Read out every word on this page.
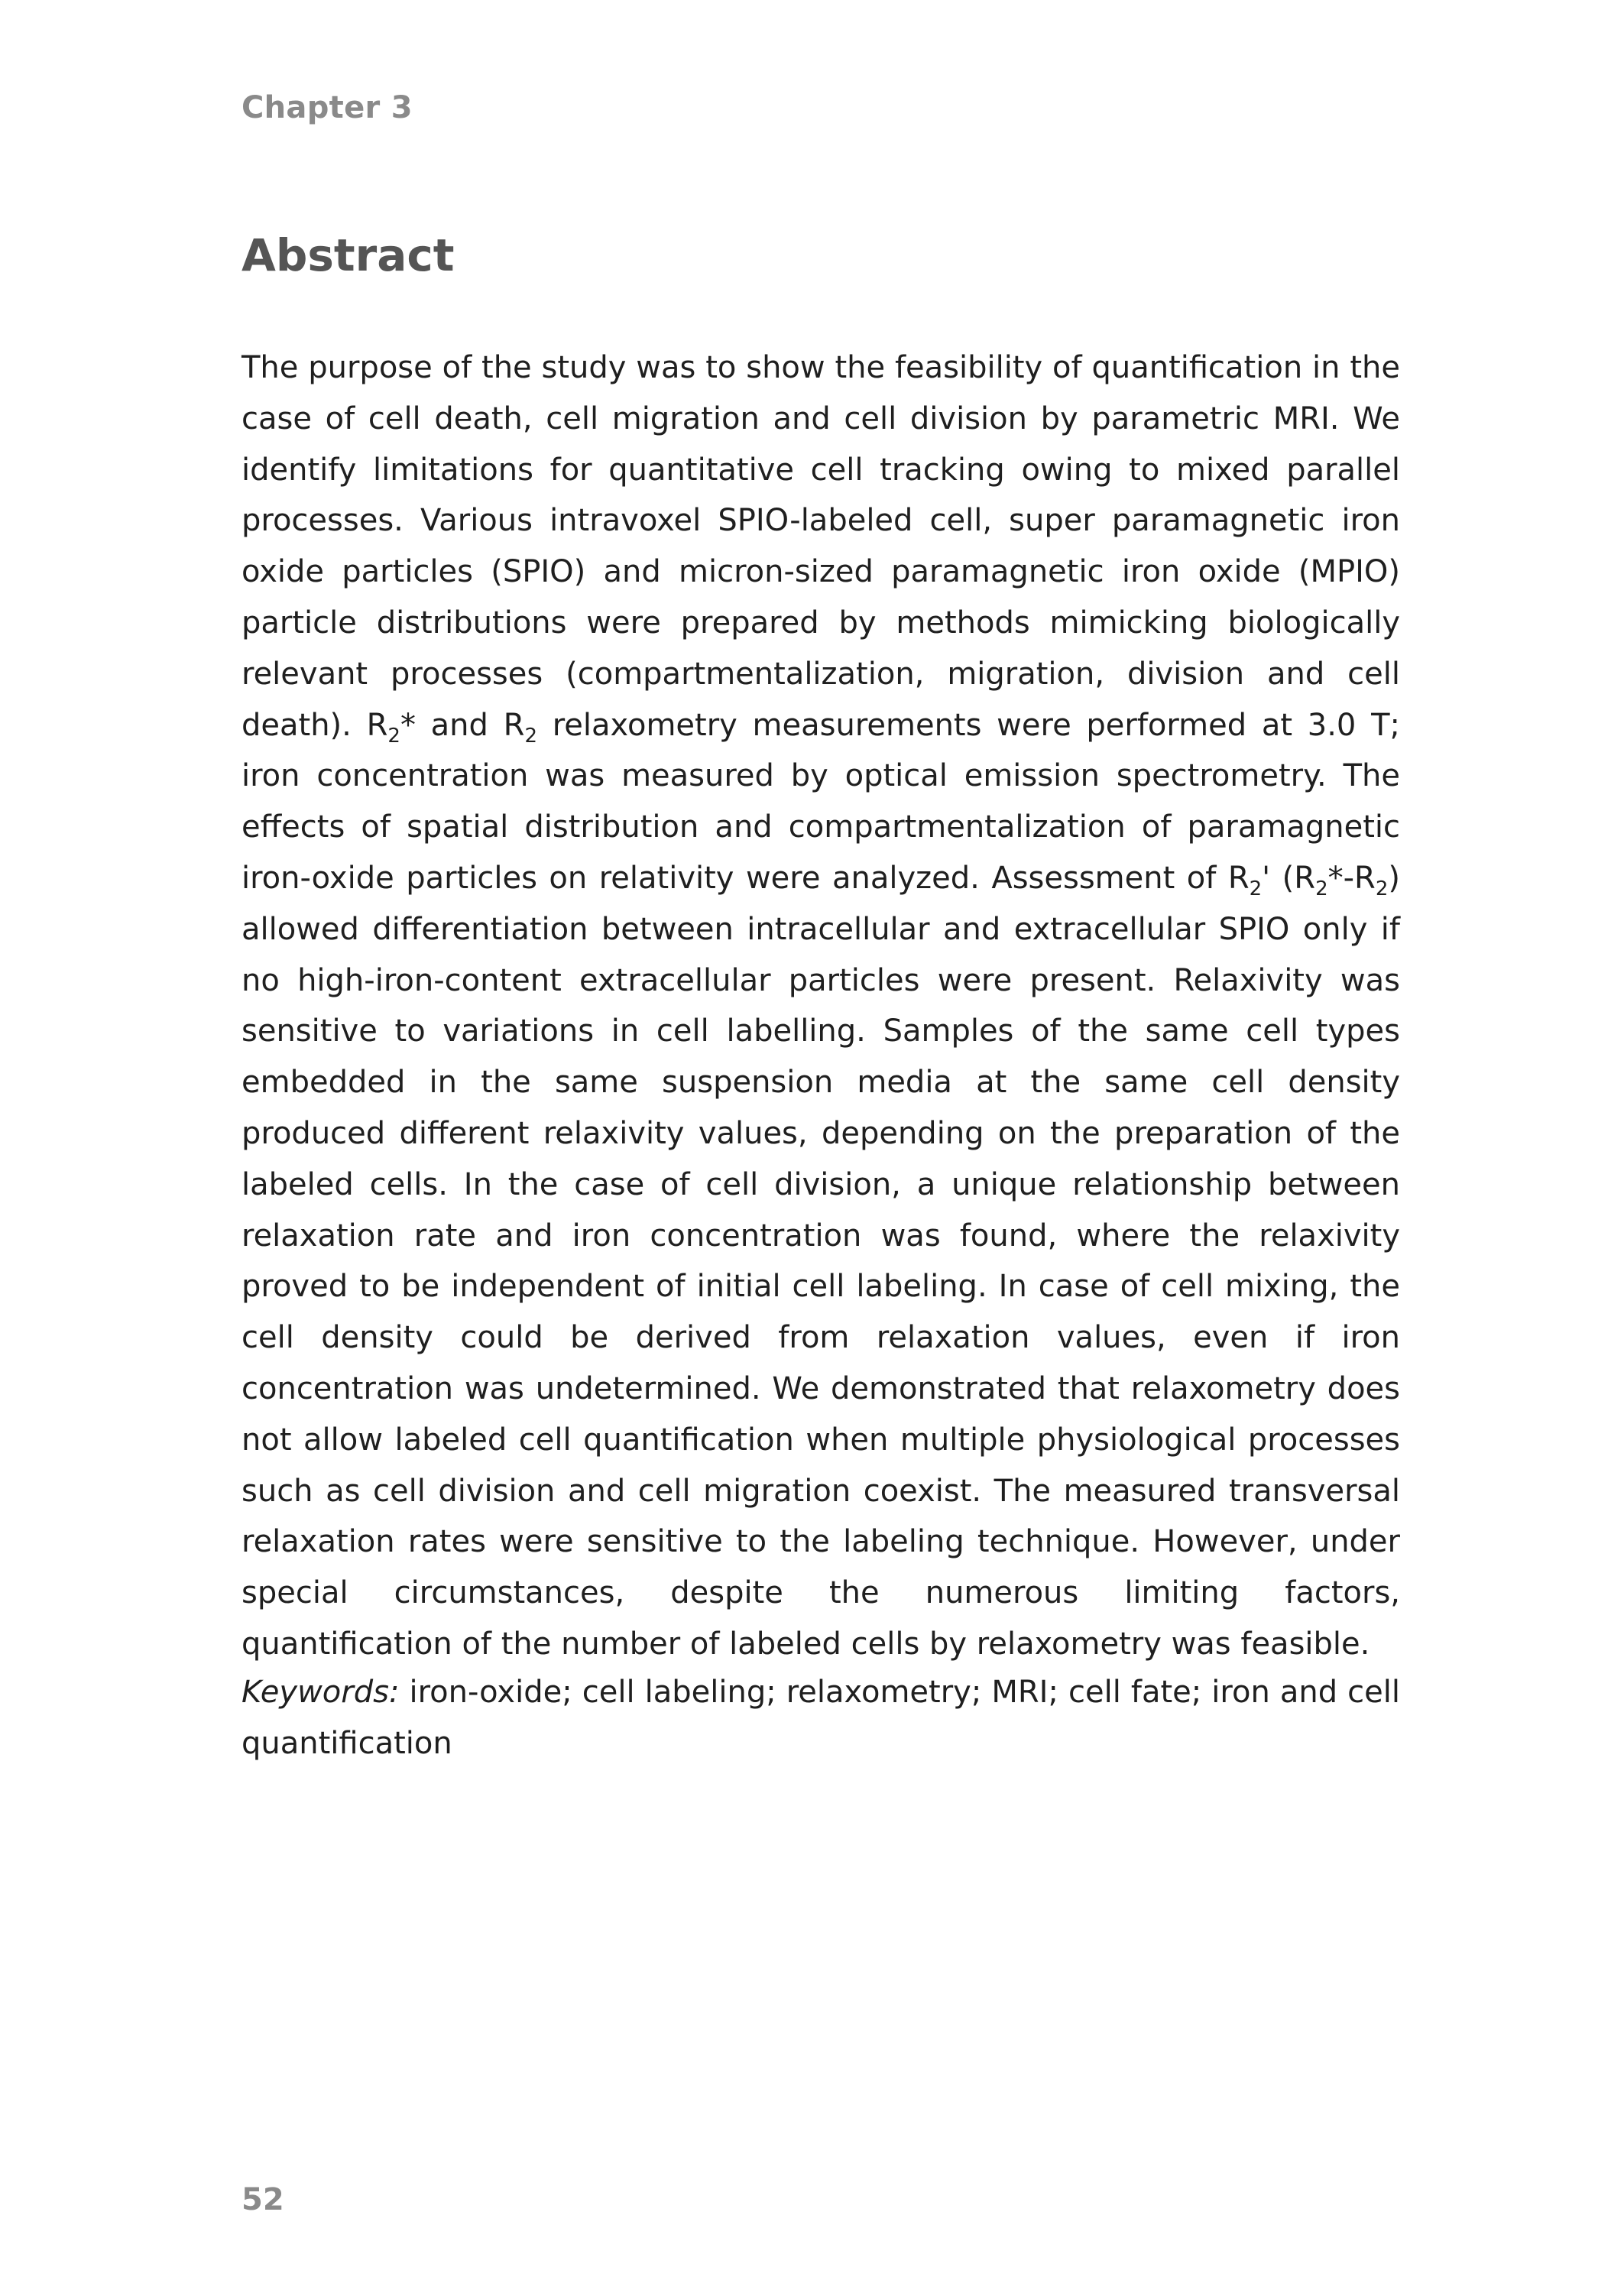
Chapter 3
Abstract
The purpose of the study was to show the feasibility of quantification in the case of cell death, cell migration and cell division by parametric MRI. We identify limitations for quantitative cell tracking owing to mixed parallel processes. Various intravoxel SPIO-labeled cell, super paramagnetic iron oxide particles (SPIO) and micron-sized paramagnetic iron oxide (MPIO) particle distributions were prepared by methods mimicking biologically relevant processes (compartmentalization, migration, division and cell death). $R_2*$ and $R_2$ relaxometry measurements were performed at 3.0 T; iron concentration was measured by optical emission spectrometry. The effects of spatial distribution and compartmentalization of paramagnetic iron-oxide particles on relativity were analyzed. Assessment of $R_2'$ $(R_2*-R_2)$ allowed differentiation between intracellular and extracellular SPIO only if no high-iron-content extracellular particles were present. Relaxivity was sensitive to variations in cell labelling. Samples of the same cell types embedded in the same suspension media at the same cell density produced different relaxivity values, depending on the preparation of the labeled cells. In the case of cell division, a unique relationship between relaxation rate and iron concentration was found, where the relaxivity proved to be independent of initial cell labeling. In case of cell mixing, the cell density could be derived from relaxation values, even if iron concentration was undetermined. We demonstrated that relaxometry does not allow labeled cell quantification when multiple physiological processes such as cell division and cell migration coexist. The measured transversal relaxation rates were sensitive to the labeling technique. However, under special circumstances, despite the numerous limiting factors, quantification of the number of labeled cells by relaxometry was feasible.
Keywords: iron-oxide; cell labeling; relaxometry; MRI; cell fate; iron and cell quantification
52
